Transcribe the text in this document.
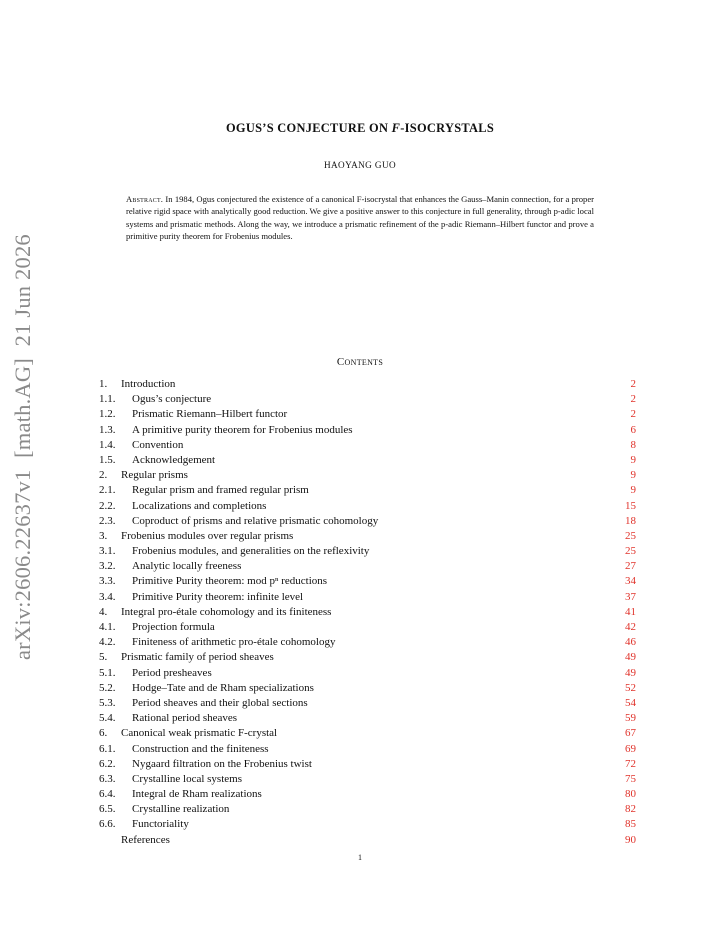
arXiv:2606.22637v1  [math.AG]  21 Jun 2026
OGUS’S CONJECTURE ON F-ISOCRYSTALS
HAOYANG GUO
Abstract. In 1984, Ogus conjectured the existence of a canonical F-isocrystal that enhances the Gauss–Manin connection, for a proper relative rigid space with analytically good reduction. We give a positive answer to this conjecture in full generality, through p-adic local systems and prismatic methods. Along the way, we introduce a prismatic refinement of the p-adic Riemann–Hilbert functor and prove a primitive purity theorem for Frobenius modules.
Contents
1. Introduction	2
1.1. Ogus’s conjecture	2
1.2. Prismatic Riemann–Hilbert functor	2
1.3. A primitive purity theorem for Frobenius modules	6
1.4. Convention	8
1.5. Acknowledgement	9
2. Regular prisms	9
2.1. Regular prism and framed regular prism	9
2.2. Localizations and completions	15
2.3. Coproduct of prisms and relative prismatic cohomology	18
3. Frobenius modules over regular prisms	25
3.1. Frobenius modules, and generalities on the reflexivity	25
3.2. Analytic locally freeness	27
3.3. Primitive Purity theorem: mod pⁿ reductions	34
3.4. Primitive Purity theorem: infinite level	37
4. Integral pro-étale cohomology and its finiteness	41
4.1. Projection formula	42
4.2. Finiteness of arithmetic pro-étale cohomology	46
5. Prismatic family of period sheaves	49
5.1. Period presheaves	49
5.2. Hodge–Tate and de Rham specializations	52
5.3. Period sheaves and their global sections	54
5.4. Rational period sheaves	59
6. Canonical weak prismatic F-crystal	67
6.1. Construction and the finiteness	69
6.2. Nygaard filtration on the Frobenius twist	72
6.3. Crystalline local systems	75
6.4. Integral de Rham realizations	80
6.5. Crystalline realization	82
6.6. Functoriality	85
References	90
1
